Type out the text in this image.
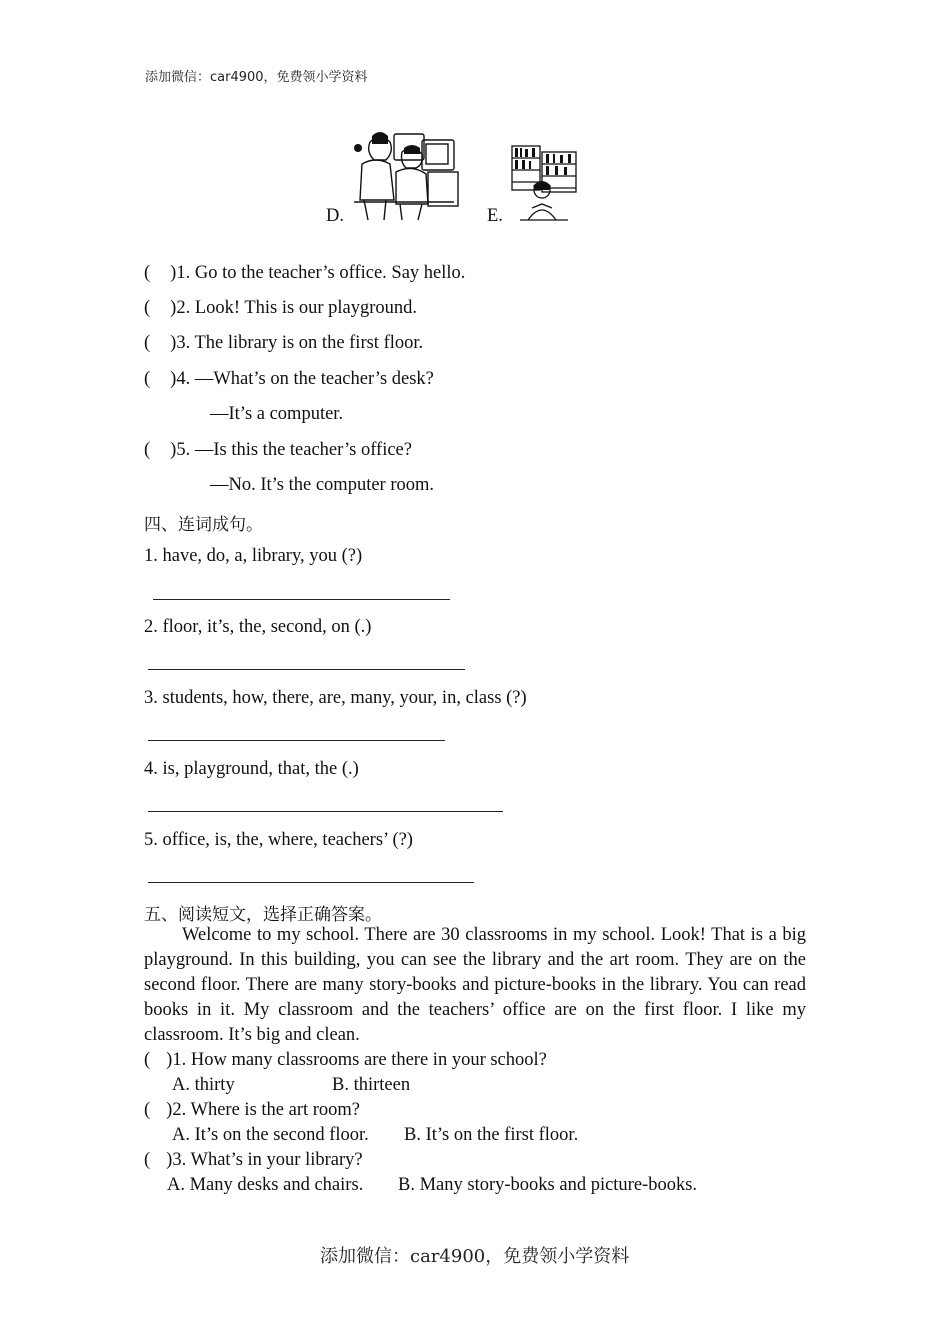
添加微信：car4900，免费领小学资料
D.	E.
( )1. Go to the teacher’s office. Say hello.
( )2. Look! This is our playground.
( )3. The library is on the first floor.
( )4. —What’s on the teacher’s desk?
—It’s a computer.
( )5. —Is this the teacher’s office?
—No. It’s the computer room.
四、连词成句。
1. have, do, a, library, you (?)
2. floor, it’s, the, second, on (.)
3. students, how, there, are, many, your, in, class (?)
4. is, playground, that, the (.)
5. office, is, the, where, teachers’ (?)
五、阅读短文，选择正确答案。

Welcome to my school. There are 30 classrooms in my school. Look! That is a big playground. In this building, you can see the library and the art room. They are on the second floor. There are many story-books and picture-books in the library. You can read books in it. My classroom and the teachers’ office are on the first floor. I like my classroom. It’s big and clean.

( )1. How many classrooms are there in your school?
A. thirty	B. thirteen
( )2. Where is the art room?
A. It’s on the second floor. B. It’s on the first floor.
( )3. What’s in your library?
A. Many desks and chairs. B. Many story-books and picture-books.
添加微信：car4900，免费领小学资料
